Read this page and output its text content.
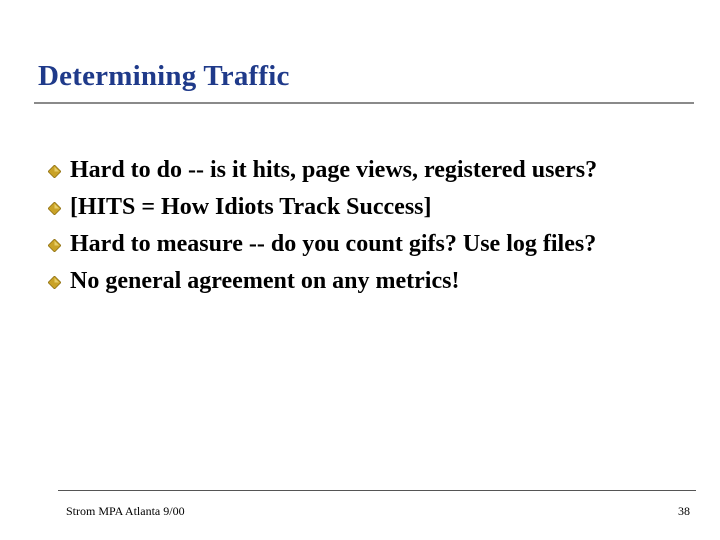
Determining Traffic
Hard to do -- is it hits, page views, registered users?
[HITS = How Idiots Track Success]
Hard to measure -- do you count gifs? Use log files?
No general agreement on any metrics!
Strom MPA Atlanta 9/00	38
